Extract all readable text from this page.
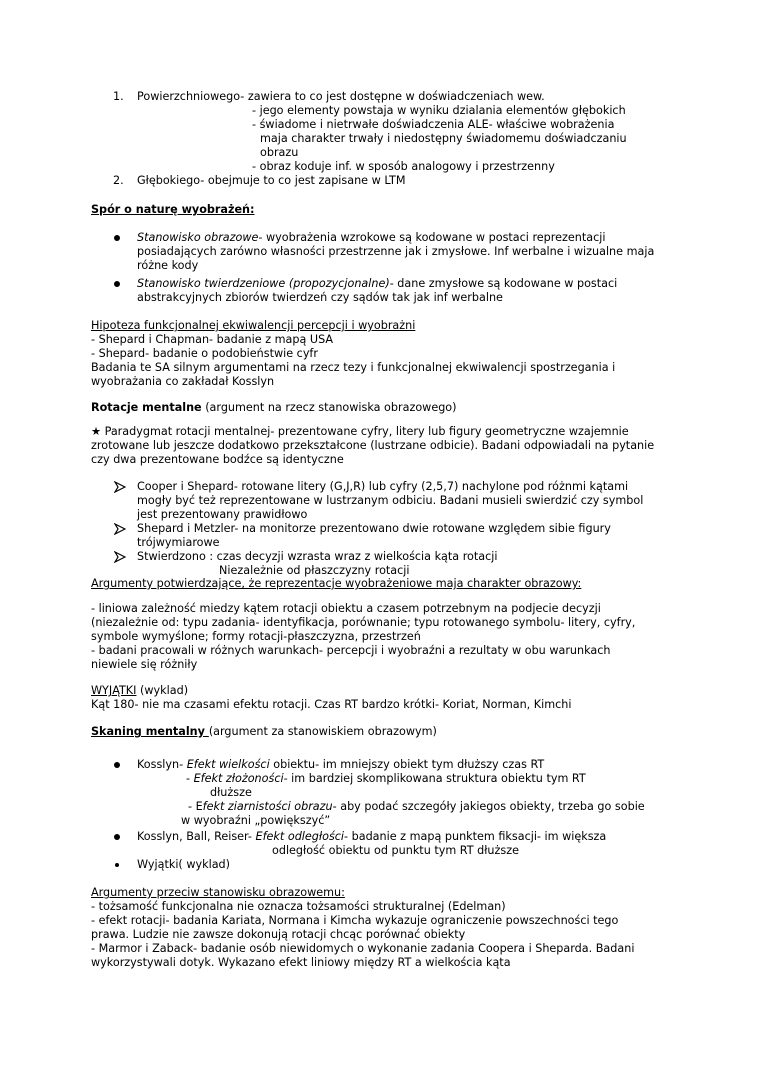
1. Powierzchniowego- zawiera to co jest dostępne w doświadczeniach wew.
- jego elementy powstaja w wyniku dzialania elementów głębokich
- świadome i nietrwałe doświadczenia ALE- właściwe wobrażenia
maja charakter trwały i niedostępny świadomemu doświadczaniu
obrazu
- obraz koduje inf. w sposób analogowy i przestrzenny
2. Głębokiego- obejmuje to co jest zapisane w LTM
Spór o naturę wyobrażeń:
Stanowisko obrazowe- wyobrażenia wzrokowe są kodowane w postaci reprezentacji
posiadających zarówno własności przestrzenne jak i zmysłowe. Inf werbalne i wizualne maja
różne kody
Stanowisko twierdzeniowe (propozycjonalne)- dane zmysłowe są kodowane w postaci
abstrakcyjnych zbiorów twierdzeń czy sądów tak jak inf werbalne
Hipoteza funkcjonalnej ekwiwalencji percepcji i wyobrażni
- Shepard i Chapman- badanie z mapą USA
- Shepard- badanie o podobieństwie cyfr
Badania te SA silnym argumentami na rzecz tezy i funkcjonalnej ekwiwalencji spostrzegania i
wyobrażania co zakładał Kosslyn
Rotacje mentalne (argument na rzecz stanowiska obrazowego)
★ Paradygmat rotacji mentalnej- prezentowane cyfry, litery lub figury geometryczne wzajemnie
zrotowane lub jeszcze dodatkowo przekształcone (lustrzane odbicie). Badani odpowiadali na pytanie
czy dwa prezentowane bodźce są identyczne
Cooper i Shepard- rotowane litery (G,J,R) lub cyfry (2,5,7) nachylone pod różnmi kątami
mogły być też reprezentowane w lustrzanym odbiciu. Badani musieli swierdzić czy symbol
jest prezentowany prawidłowo
Shepard i Metzler- na monitorze prezentowano dwie rotowane względem sibie figury
trójwymiarowe
Stwierdzono : czas decyzji wzrasta wraz z wielkościa kąta rotacji
Niezależnie od płaszczyzny rotacji
Argumenty potwierdzające, że reprezentacje wyobrażeniowe maja charakter obrazowy:
- liniowa zależność miedzy kątem rotacji obiektu a czasem potrzebnym na podjecie decyzji
(niezależnie od: typu zadania- identyfikacja, porównanie; typu rotowanego symbolu- litery, cyfry,
symbole wymyślone; formy rotacji-płaszczyzna, przestrzeń
- badani pracowali w różnych warunkach- percepcji i wyobraźni a rezultaty w obu warunkach
niewiele się różniły
WYJĄTKI (wyklad)
Kąt 180- nie ma czasami efektu rotacji. Czas RT bardzo krótki- Koriat, Norman, Kimchi
Skaning mentalny (argument za stanowiskiem obrazowym)
Kosslyn- Efekt wielkości obiektu- im mniejszy obiekt tym dłuższy czas RT
- Efekt złożoności- im bardziej skomplikowana struktura obiektu tym RT
dłuższe
- Efekt ziarnistości obrazu- aby podać szczegóły jakiegos obiekty, trzeba go sobie
w wyobraźni „powiększyć”
Kosslyn, Ball, Reiser- Efekt odległości- badanie z mapą punktem fiksacji- im większa
odległość obiektu od punktu tym RT dłuższe
Wyjątki( wyklad)
Argumenty przeciw stanowisku obrazowemu:
- tożsamość funkcjonalna nie oznacza tożsamości strukturalnej (Edelman)
- efekt rotacji- badania Kariata, Normana i Kimcha wykazuje ograniczenie powszechności tego
prawa. Ludzie nie zawsze dokonują rotacji chcąc porównać obiekty
- Marmor i Zaback- badanie osób niewidomych o wykonanie zadania Coopera i Sheparda. Badani
wykorzystywali dotyk. Wykazano efekt liniowy między RT a wielkościa kąta
